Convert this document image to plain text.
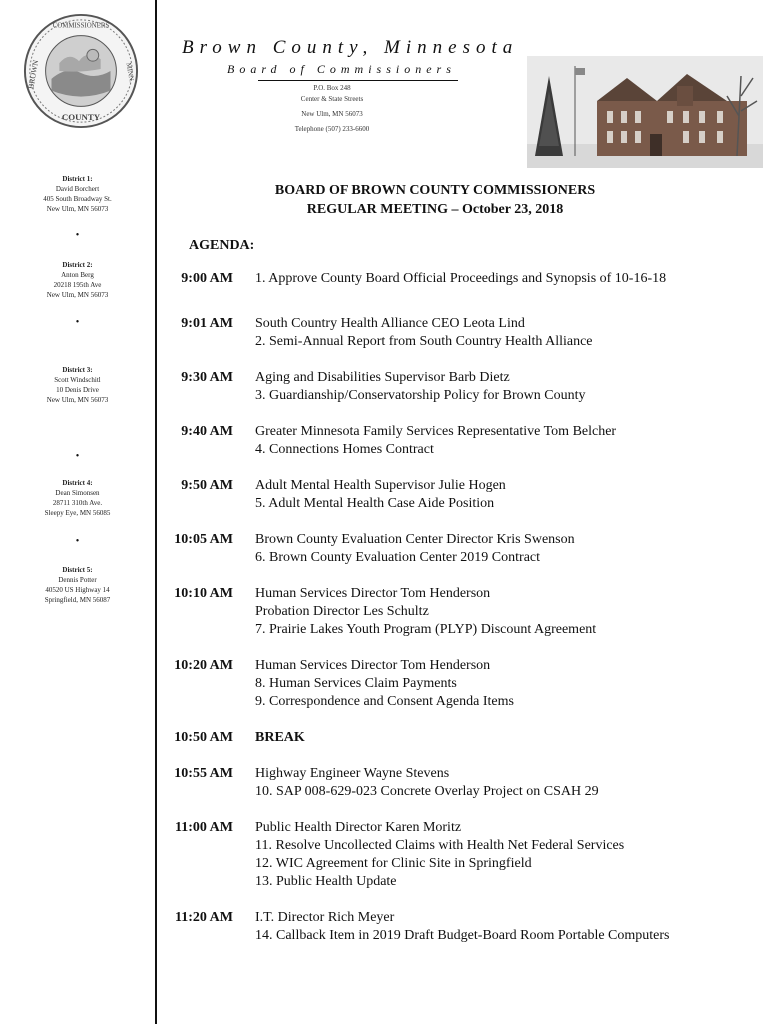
COMMISSIONERS
BROWN
COUNTY
MINN.
District 1:
David Borchert
405 South Broadway St.
New Ulm, MN 56073
•
District 2:
Anton Berg
20218 195th Ave
New Ulm, MN 56073
•
District 3:
Scott Windschitl
10 Denis Drive
New Ulm, MN 56073
•
District 4:
Dean Simonsen
28711 310th Ave.
Sleepy Eye, MN 56085
•
District 5:
Dennis Potter
40520 US Highway 14
Springfield, MN 56087
Brown County, Minnesota
Board of Commissioners
P.O. Box 248
Center & State Streets
New Ulm, MN 56073
Telephone (507) 233-6600
BOARD OF BROWN COUNTY COMMISSIONERS
REGULAR MEETING – October 23, 2018
AGENDA:
9:00 AM 1. Approve County Board Official Proceedings and Synopsis of 10-16-18
9:01 AM South Country Health Alliance CEO Leota Lind
2. Semi-Annual Report from South Country Health Alliance
9:30 AM Aging and Disabilities Supervisor Barb Dietz
3. Guardianship/Conservatorship Policy for Brown County
9:40 AM Greater Minnesota Family Services Representative Tom Belcher
4. Connections Homes Contract
9:50 AM Adult Mental Health Supervisor Julie Hogen
5. Adult Mental Health Case Aide Position
10:05 AM Brown County Evaluation Center Director Kris Swenson
6. Brown County Evaluation Center 2019 Contract
10:10 AM Human Services Director Tom Henderson
Probation Director Les Schultz
7. Prairie Lakes Youth Program (PLYP) Discount Agreement
10:20 AM Human Services Director Tom Henderson
8. Human Services Claim Payments
9. Correspondence and Consent Agenda Items
10:50 AM BREAK
10:55 AM Highway Engineer Wayne Stevens
10. SAP 008-629-023 Concrete Overlay Project on CSAH 29
11:00 AM Public Health Director Karen Moritz
11. Resolve Uncollected Claims with Health Net Federal Services
12. WIC Agreement for Clinic Site in Springfield
13. Public Health Update
11:20 AM I.T. Director Rich Meyer
14. Callback Item in 2019 Draft Budget-Board Room Portable Computers
